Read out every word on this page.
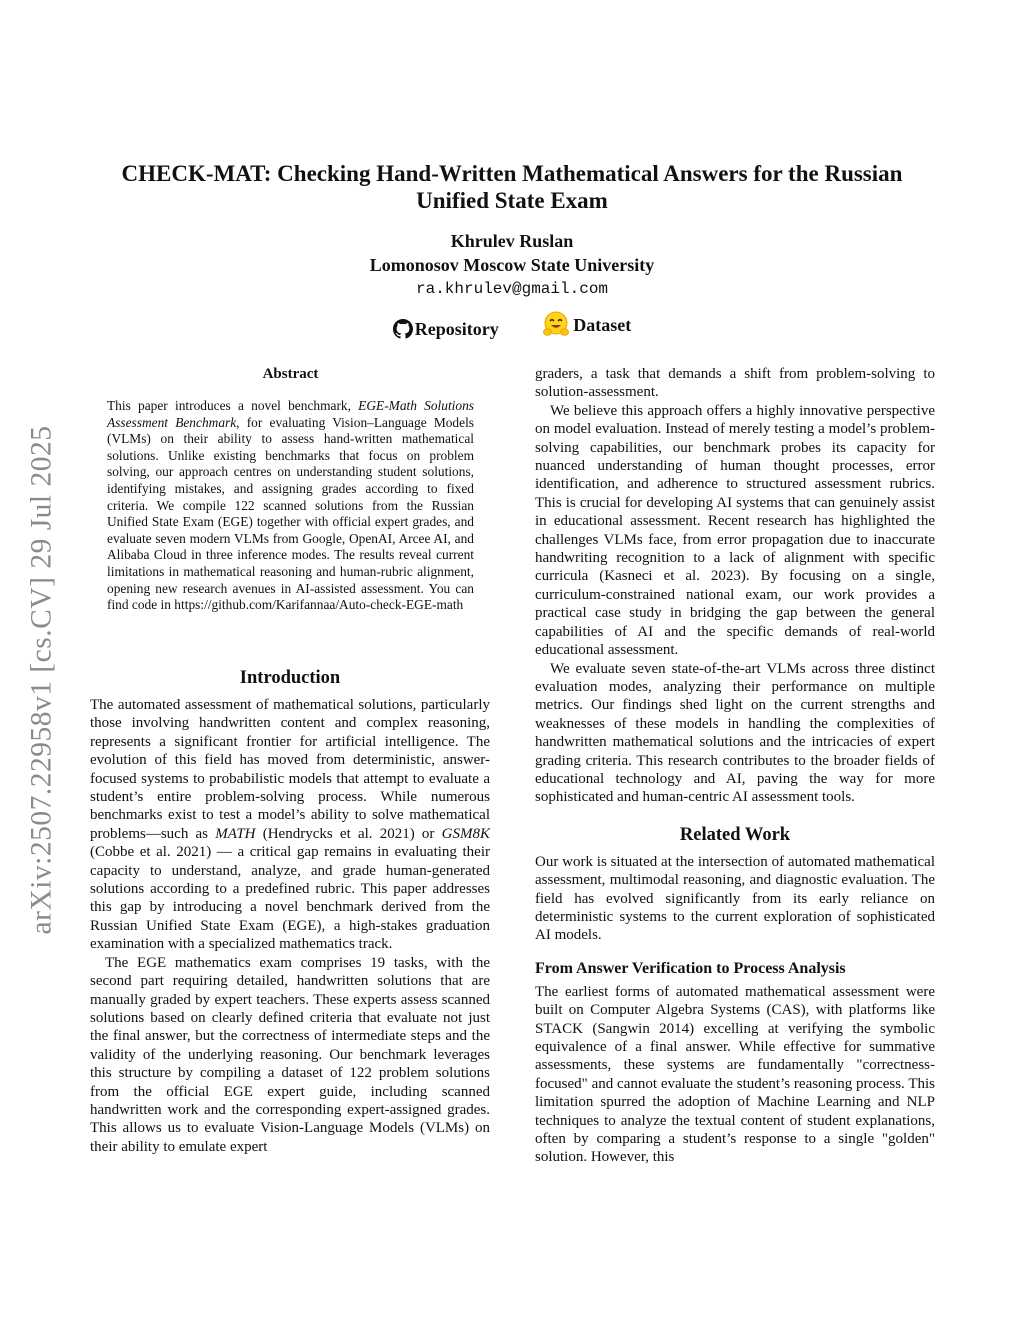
arXiv:2507.22958v1 [cs.CV] 29 Jul 2025
CHECK-MAT: Checking Hand-Written Mathematical Answers for the Russian Unified State Exam
Khrulev Ruslan
Lomonosov Moscow State University
ra.khrulev@gmail.com
Repository
	Dataset
Abstract

This paper introduces a novel benchmark, EGE-Math Solutions Assessment Benchmark, for evaluating Vision–Language Models (VLMs) on their ability to assess hand-written mathematical solutions. Unlike existing benchmarks that focus on problem solving, our approach centres on understanding student solutions, identifying mistakes, and assigning grades according to fixed criteria. We compile 122 scanned solutions from the Russian Unified State Exam (EGE) together with official expert grades, and evaluate seven modern VLMs from Google, OpenAI, Arcee AI, and Alibaba Cloud in three inference modes. The results reveal current limitations in mathematical reasoning and human-rubric alignment, opening new research avenues in AI-assisted assessment. You can find code in https://github.com/Karifannaa/Auto-check-EGE-math

Introduction

The automated assessment of mathematical solutions, particularly those involving handwritten content and complex reasoning, represents a significant frontier for artificial intelligence. The evolution of this field has moved from deterministic, answer-focused systems to probabilistic models that attempt to evaluate a student’s entire problem-solving process. While numerous benchmarks exist to test a model’s ability to solve mathematical problems—such as MATH (Hendrycks et al. 2021) or GSM8K (Cobbe et al. 2021) — a critical gap remains in evaluating their capacity to understand, analyze, and grade human-generated solutions according to a predefined rubric. This paper addresses this gap by introducing a novel benchmark derived from the Russian Unified State Exam (EGE), a high-stakes graduation examination with a specialized mathematics track.

The EGE mathematics exam comprises 19 tasks, with the second part requiring detailed, handwritten solutions that are manually graded by expert teachers. These experts assess scanned solutions based on clearly defined criteria that evaluate not just the final answer, but the correctness of intermediate steps and the validity of the underlying reasoning. Our benchmark leverages this structure by compiling a dataset of 122 problem solutions from the official EGE expert guide, including scanned handwritten work and the corresponding expert-assigned grades. This allows us to evaluate Vision-Language Models (VLMs) on their ability to emulate expert

graders, a task that demands a shift from problem-solving to solution-assessment.

We believe this approach offers a highly innovative perspective on model evaluation. Instead of merely testing a model’s problem-solving capabilities, our benchmark probes its capacity for nuanced understanding of human thought processes, error identification, and adherence to structured assessment rubrics. This is crucial for developing AI systems that can genuinely assist in educational assessment. Recent research has highlighted the challenges VLMs face, from error propagation due to inaccurate handwriting recognition to a lack of alignment with specific curricula (Kasneci et al. 2023). By focusing on a single, curriculum-constrained national exam, our work provides a practical case study in bridging the gap between the general capabilities of AI and the specific demands of real-world educational assessment.

We evaluate seven state-of-the-art VLMs across three distinct evaluation modes, analyzing their performance on multiple metrics. Our findings shed light on the current strengths and weaknesses of these models in handling the complexities of handwritten mathematical solutions and the intricacies of expert grading criteria. This research contributes to the broader fields of educational technology and AI, paving the way for more sophisticated and human-centric AI assessment tools.

Related Work

Our work is situated at the intersection of automated mathematical assessment, multimodal reasoning, and diagnostic evaluation. The field has evolved significantly from its early reliance on deterministic systems to the current exploration of sophisticated AI models.

From Answer Verification to Process Analysis

The earliest forms of automated mathematical assessment were built on Computer Algebra Systems (CAS), with platforms like STACK (Sangwin 2014) excelling at verifying the symbolic equivalence of a final answer. While effective for summative assessments, these systems are fundamentally "correctness-focused" and cannot evaluate the student’s reasoning process. This limitation spurred the adoption of Machine Learning and NLP techniques to analyze the textual content of student explanations, often by comparing a student’s response to a single "golden" solution. However, this
